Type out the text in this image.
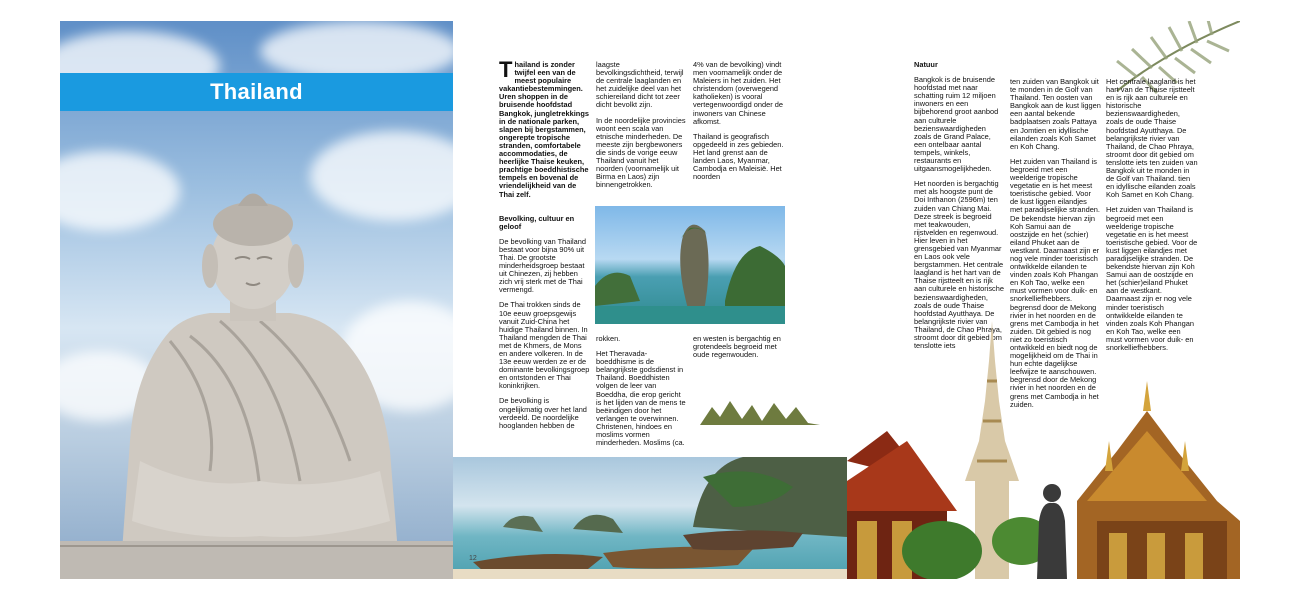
Thailand

Thailand is zonder twijfel een van de meest populaire vakantiebestemmingen. Uren shoppen in de bruisende hoofdstad Bangkok, jungletrekkings in de nationale parken, slapen bij bergstammen, ongerepte tropische stranden, comfortabele accommodaties, de heerlijke Thaise keuken, prachtige boeddhistische tempels en bovenal de vriendelijkheid van de Thai zelf.

Bevolking, cultuur en geloof

De bevolking van Thailand bestaat voor bijna 90% uit Thai. De grootste minderheidsgroep bestaat uit Chinezen, zij hebben zich vrij sterk met de Thai vermengd.

De Thai trokken sinds de 10e eeuw groepsgewijs vanuit Zuid-China het huidige Thailand binnen. In Thailand mengden de Thai met de Khmers, de Mons en andere volkeren. In de 13e eeuw werden ze er de dominante bevolkingsgroep en ontstonden er Thai koninkrijken.

De bevolking is ongelijkmatig over het land verdeeld. De noordelijke hooglanden hebben de

laagste bevolkingsdichtheid, terwijl de centrale laaglanden en het zuidelijke deel van het schiereiland dicht tot zeer dicht bevolkt zijn.

In de noordelijke provincies woont een scala van etnische minderheden. De meeste zijn bergbewoners die sinds de vorige eeuw Thailand vanuit het noorden (voornamelijk uit Birma en Laos) zijn binnengetrokken.

4% van de bevolking) vindt men voornamelijk onder de Maleiers in het zuiden. Het christendom (overwegend katholieken) is vooral vertegenwoordigd onder de inwoners van Chinese afkomst.

Thailand is geografisch opgedeeld in zes gebieden. Het land grenst aan de landen Laos, Myanmar, Cambodja en Maleisië. Het noorden

rokken.

Het Theravada-boeddhisme is de belangrijkste godsdienst in Thailand. Boeddhisten volgen de leer van Boeddha, die erop gericht is het lijden van de mens te beëindigen door het verlangen te overwinnen. Christenen, hindoes en moslims vormen minderheden. Moslims (ca.

en westen is bergachtig en grotendeels begroeid met oude regenwouden.

12

Natuur

Bangkok is de bruisende hoofdstad met naar schatting ruim 12 miljoen inwoners en een bijbehorend groot aanbod aan culturele bezienswaardigheden zoals de Grand Palace, een ontelbaar aantal tempels, winkels, restaurants en uitgaansmogelijkheden.

Het noorden is bergachtig met als hoogste punt de Doi Inthanon (2596m) ten zuiden van Chiang Mai. Deze streek is begroeid met teakwouden, rijstvelden en regenwoud. Hier leven in het grensgebied van Myanmar en Laos ook vele bergstammen. Het centrale laagland is het hart van de Thaise rijstteelt en is rijk aan culturele en historische bezienswaardigheden, zoals de oude Thaise hoofdstad Ayutthaya. De belangrijkste rivier van Thailand, de Chao Phraya, stroomt door dit gebied om tenslotte iets

ten zuiden van Bangkok uit te monden in de Golf van Thailand. Ten oosten van Bangkok aan de kust liggen een aantal bekende badplaatsen zoals Pattaya en Jomtien en idyllische eilanden zoals Koh Samet en Koh Chang.

Het zuiden van Thailand is begroeid met een weelderige tropische vegetatie en is het meest toeristische gebied. Voor de kust liggen eilandjes met paradijselijke stranden. De bekendste hiervan zijn Koh Samui aan de oostzijde en het (schier) eiland Phuket aan de westkant. Daarnaast zijn er nog vele minder toeristisch ontwikkelde eilanden te vinden zoals Koh Phangan en Koh Tao, welke een must vormen voor duik- en snorkelliefhebbers. begrensd door de Mekong rivier in het noorden en de grens met Cambodja in het zuiden. Dit gebied is nog niet zo toeristisch ontwikkeld en biedt nog de mogelijkheid om de Thai in hun echte dagelijkse leefwijze te aanschouwen. begrensd door de Mekong rivier in het noorden en de grens met Cambodja in het zuiden.

Het centrale laagland is het hart van de Thaise rijstteelt en is rijk aan culturele en historische bezienswaardigheden, zoals de oude Thaise hoofdstad Ayutthaya. De belangrijkste rivier van Thailand, de Chao Phraya, stroomt door dit gebied om tenslotte iets ten zuiden van Bangkok uit te monden in de Golf van Thailand. tien en idyllische eilanden zoals Koh Samet en Koh Chang.

Het zuiden van Thailand is begroeid met een weelderige tropische vegetatie en is het meest toeristische gebied. Voor de kust liggen eilandjes met paradijselijke stranden. De bekendste hiervan zijn Koh Samui aan de oostzijde en het (schier)eiland Phuket aan de westkant. Daarnaast zijn er nog vele minder toeristisch ontwikkelde eilanden te vinden zoals Koh Phangan en Koh Tao, welke een must vormen voor duik- en snorkelliefhebbers.
